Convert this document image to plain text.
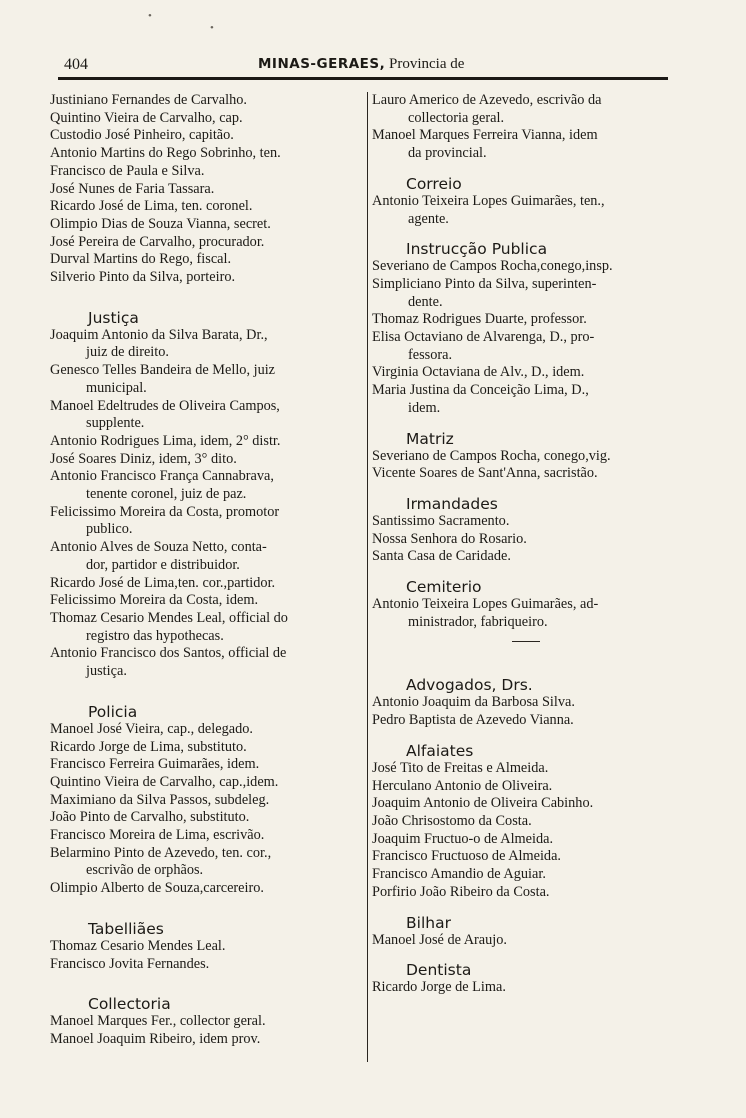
404	MINAS-GERAES, Provincia de
Justiniano Fernandes de Carvalho.
Quintino Vieira de Carvalho, cap.
Custodio José Pinheiro, capitão.
Antonio Martins do Rego Sobrinho, ten.
Francisco de Paula e Silva.
José Nunes de Faria Tassara.
Ricardo José de Lima, ten. coronel.
Olimpio Dias de Souza Vianna, secret.
José Pereira de Carvalho, procurador.
Durval Martins do Rego, fiscal.
Silverio Pinto da Silva, porteiro.
Justiça
Joaquim Antonio da Silva Barata, Dr.,
juiz de direito.
Genesco Telles Bandeira de Mello, juiz
municipal.
Manoel Edeltrudes de Oliveira Campos,
supplente.
Antonio Rodrigues Lima, idem, 2° distr.
José Soares Diniz, idem, 3° dito.
Antonio Francisco França Cannabrava,
tenente coronel, juiz de paz.
Felicissimo Moreira da Costa, promotor
publico.
Antonio Alves de Souza Netto, conta-
dor, partidor e distribuidor.
Ricardo José de Lima,ten. cor.,partidor.
Felicissimo Moreira da Costa, idem.
Thomaz Cesario Mendes Leal, official do
registro das hypothecas.
Antonio Francisco dos Santos, official de
justiça.
Policia
Manoel José Vieira, cap., delegado.
Ricardo Jorge de Lima, substituto.
Francisco Ferreira Guimarães, idem.
Quintino Vieira de Carvalho, cap.,idem.
Maximiano da Silva Passos, subdeleg.
João Pinto de Carvalho, substituto.
Francisco Moreira de Lima, escrivão.
Belarmino Pinto de Azevedo, ten. cor.,
escrivão de orphãos.
Olimpio Alberto de Souza,carcereiro.
Tabelliães
Thomaz Cesario Mendes Leal.
Francisco Jovita Fernandes.
Collectoria
Manoel Marques Fer., collector geral.
Manoel Joaquim Ribeiro, idem prov.
Lauro Americo de Azevedo, escrivão da
collectoria geral.
Manoel Marques Ferreira Vianna, idem
da provincial.
Correio
Antonio Teixeira Lopes Guimarães, ten.,
agente.
Instrucção Publica
Severiano de Campos Rocha,conego,insp.
Simpliciano Pinto da Silva, superinten-
dente.
Thomaz Rodrigues Duarte, professor.
Elisa Octaviano de Alvarenga, D., pro-
fessora.
Virginia Octaviana de Alv., D., idem.
Maria Justina da Conceição Lima, D.,
idem.
Matriz
Severiano de Campos Rocha, conego,vig.
Vicente Soares de Sant'Anna, sacristão.
Irmandades
Santissimo Sacramento.
Nossa Senhora do Rosario.
Santa Casa de Caridade.
Cemiterio
Antonio Teixeira Lopes Guimarães, ad-
ministrador, fabriqueiro.
Advogados, Drs.
Antonio Joaquim da Barbosa Silva.
Pedro Baptista de Azevedo Vianna.
Alfaiates
José Tito de Freitas e Almeida.
Herculano Antonio de Oliveira.
Joaquim Antonio de Oliveira Cabinho.
João Chrisostomo da Costa.
Joaquim Fructuo-o de Almeida.
Francisco Fructuoso de Almeida.
Francisco Amandio de Aguiar.
Porfirio João Ribeiro da Costa.
Bilhar
Manoel José de Araujo.
Dentista
Ricardo Jorge de Lima.
•
•
